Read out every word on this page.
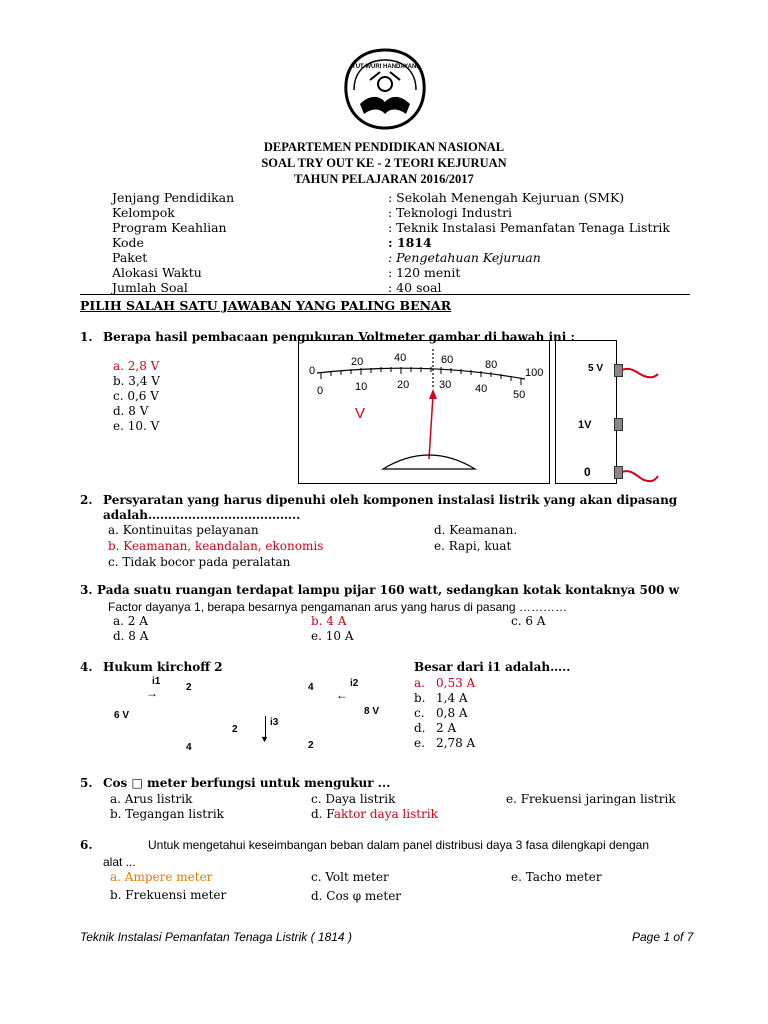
TUT WURI HANDAYANI
DEPARTEMEN PENDIDIKAN NASIONAL
SOAL TRY OUT KE - 2 TEORI KEJURUAN
TAHUN PELAJARAN 2016/2017
Jenjang Pendidikan	: Sekolah Menengah Kejuruan (SMK)
Kelompok	: Teknologi Industri
Program Keahlian	: Teknik Instalasi Pemanfatan Tenaga Listrik
Kode	: 1814
Paket	: Pengetahuan Kejuruan
Alokasi Waktu	: 120 menit
Jumlah Soal	: 40 soal
PILIH SALAH SATU JAWABAN YANG PALING BENAR
1. Berapa hasil pembacaan pengukuran Voltmeter gambar di bawah ini :
a. 2,8 V
b. 3,4 V
c. 0,6 V
d. 8 V
e. 10. V
0
20	40	60	80
100
0	10	20	30 40 50
V
5 V
1V
0
2. Persyaratan yang harus dipenuhi oleh komponen instalasi listrik yang akan dipasang
adalah………………………………..
a. Kontinuitas pelayanan
b. Keamanan, keandalan, ekonomis
c. Tidak bocor pada peralatan
d. Keamanan.
e. Rapi, kuat
3. Pada suatu ruangan terdapat lampu pijar 160 watt, sedangkan kotak kontaknya 500 w
Factor dayanya 1, berapa besarnya pengamanan arus yang harus di pasang …………
a. 2 A	b. 4 A	c. 6 A
d. 8 A	e. 10 A
4. Hukum kirchoff 2	Besar dari i1 adalah…..
i1
→	2	4	i2
←
6 V	8 V
i3
▼
2
4	2
a. 0,53 A
b. 1,4 A
c. 0,8 A
d. 2 A
e. 2,78 A
5. Cos □ meter berfungsi untuk mengukur ...
a. Arus listrik
b. Tegangan listrik
c. Daya listrik
d. Faktor daya listrik
e. Frekuensi jaringan listrik
6.	Untuk mengetahui keseimbangan beban dalam panel distribusi daya 3 fasa dilengkapi dengan
alat ...
a. Ampere meter
b. Frekuensi meter
c. Volt meter
d. Cos φ meter
e. Tacho meter
Teknik Instalasi Pemanfatan Tenaga Listrik ( 1814 )	Page 1 of 7
